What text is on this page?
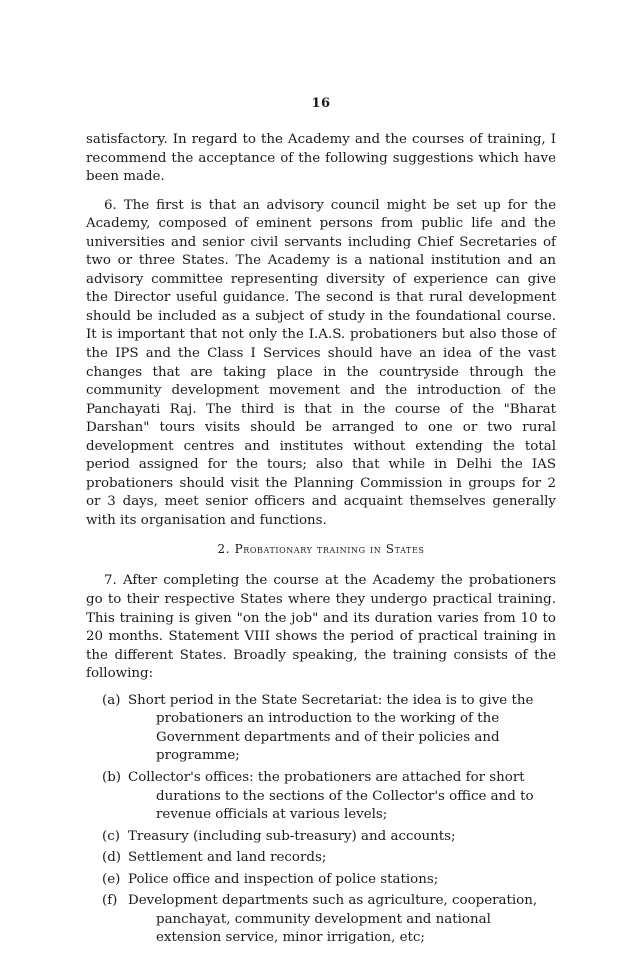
16

satisfactory. In regard to the Academy and the courses of training, I recommend the acceptance of the following suggestions which have been made.

6. The first is that an advisory council might be set up for the Academy, composed of eminent persons from public life and the universities and senior civil servants including Chief Secretaries of two or three States. The Academy is a national institution and an advisory committee representing diversity of experience can give the Director useful guidance. The second is that rural development should be included as a subject of study in the foundational course. It is important that not only the I.A.S. probationers but also those of the IPS and the Class I Services should have an idea of the vast changes that are taking place in the countryside through the community development movement and the introduction of the Panchayati Raj. The third is that in the course of the "Bharat Darshan" tours visits should be arranged to one or two rural development centres and institutes without extending the total period assigned for the tours; also that while in Delhi the IAS probationers should visit the Planning Commission in groups for 2 or 3 days, meet senior officers and acquaint themselves generally with its organisation and functions.

2. Probationary training in States

7. After completing the course at the Academy the probationers go to their respective States where they undergo practical training. This training is given "on the job" and its duration varies from 10 to 20 months. Statement VIII shows the period of practical training in the different States. Broadly speaking, the training consists of the following:

(a) Short period in the State Secretariat: the idea is to give the probationers an introduction to the working of the Government departments and of their policies and programme;
(b) Collector's offices: the probationers are attached for short durations to the sections of the Collector's office and to revenue officials at various levels;
(c) Treasury (including sub-treasury) and accounts;
(d) Settlement and land records;
(e) Police office and inspection of police stations;
(f) Development departments such as agriculture, cooperation, panchayat, community development and national extension service, minor irrigation, etc;
